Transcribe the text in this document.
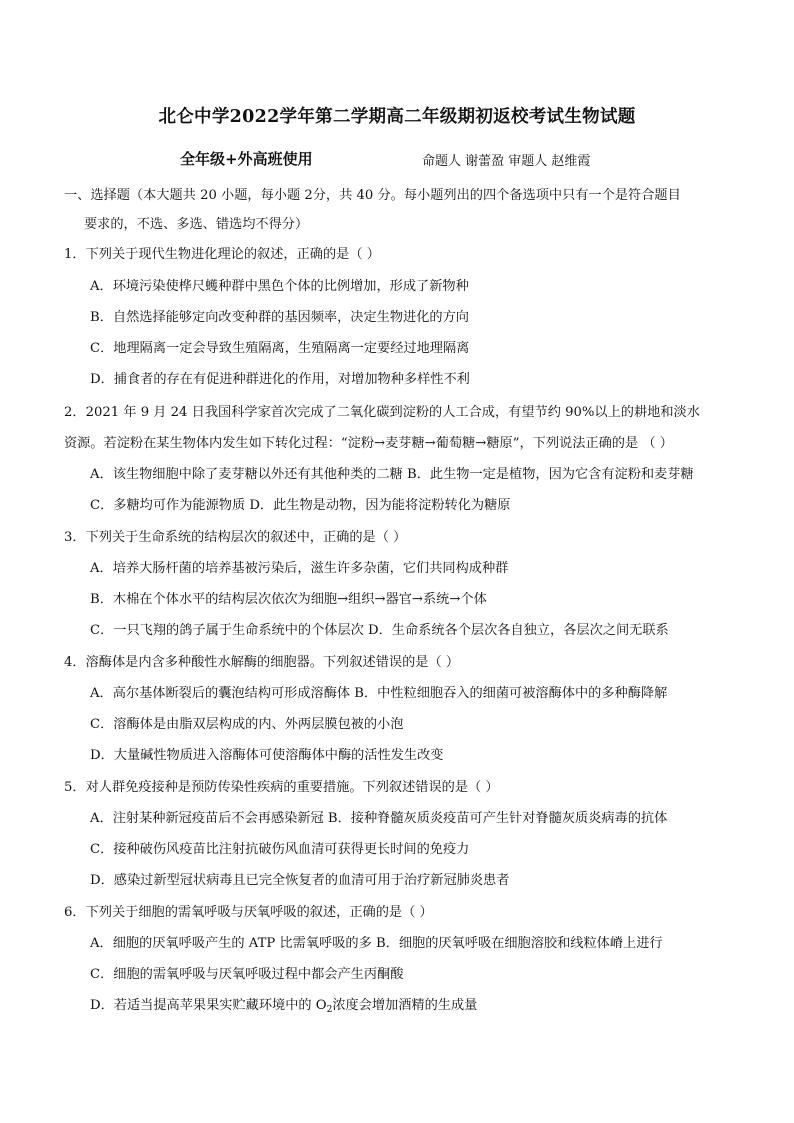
北仑中学2022学年第二学期高二年级期初返校考试生物试题
全年级+外高班使用	命题人 谢蕾盈 审题人 赵维霞
一、选择题（本大题共 20 小题，每小题 2分，共 40 分。每小题列出的四个备选项中只有一个是符合题目
要求的，不选、多选、错选均不得分）
1．下列关于现代生物进化理论的叙述，正确的是（ ）
A．环境污染使桦尺蠖种群中黑色个体的比例增加，形成了新物种
B．自然选择能够定向改变种群的基因频率，决定生物进化的方向
C．地理隔离一定会导致生殖隔离，生殖隔离一定要经过地理隔离
D．捕食者的存在有促进种群进化的作用，对增加物种多样性不利
2．2021 年 9 月 24 日我国科学家首次完成了二氧化碳到淀粉的人工合成，有望节约 90%以上的耕地和淡水
资源。若淀粉在某生物体内发生如下转化过程：“淀粉→麦芽糖→葡萄糖→糖原”，下列说法正确的是 （ ）
A．该生物细胞中除了麦芽糖以外还有其他种类的二糖 B．此生物一定是植物，因为它含有淀粉和麦芽糖
C．多糖均可作为能源物质 D．此生物是动物，因为能将淀粉转化为糖原
3．下列关于生命系统的结构层次的叙述中，正确的是（ ）
A．培养大肠杆菌的培养基被污染后，滋生许多杂菌，它们共同构成种群
B．木棉在个体水平的结构层次依次为细胞→组织→器官→系统→个体
C．一只飞翔的鸽子属于生命系统中的个体层次 D．生命系统各个层次各自独立，各层次之间无联系
4．溶酶体是内含多种酸性水解酶的细胞器。下列叙述错误的是（ ）
A．高尔基体断裂后的囊泡结构可形成溶酶体 B．中性粒细胞吞入的细菌可被溶酶体中的多种酶降解
C．溶酶体是由脂双层构成的内、外两层膜包被的小泡
D．大量碱性物质进入溶酶体可使溶酶体中酶的活性发生改变
5．对人群免疫接种是预防传染性疾病的重要措施。下列叙述错误的是（ ）
A．注射某种新冠疫苗后不会再感染新冠 B．接种脊髓灰质炎疫苗可产生针对脊髓灰质炎病毒的抗体
C．接种破伤风疫苗比注射抗破伤风血清可获得更长时间的免疫力
D．感染过新型冠状病毒且已完全恢复者的血清可用于治疗新冠肺炎患者
6．下列关于细胞的需氧呼吸与厌氧呼吸的叙述，正确的是（ ）
A．细胞的厌氧呼吸产生的 ATP 比需氧呼吸的多 B．细胞的厌氧呼吸在细胞溶胶和线粒体嵴上进行
C．细胞的需氧呼吸与厌氧呼吸过程中都会产生丙酮酸
D．若适当提高苹果果实贮藏环境中的 $O_2$浓度会增加酒精的生成量
